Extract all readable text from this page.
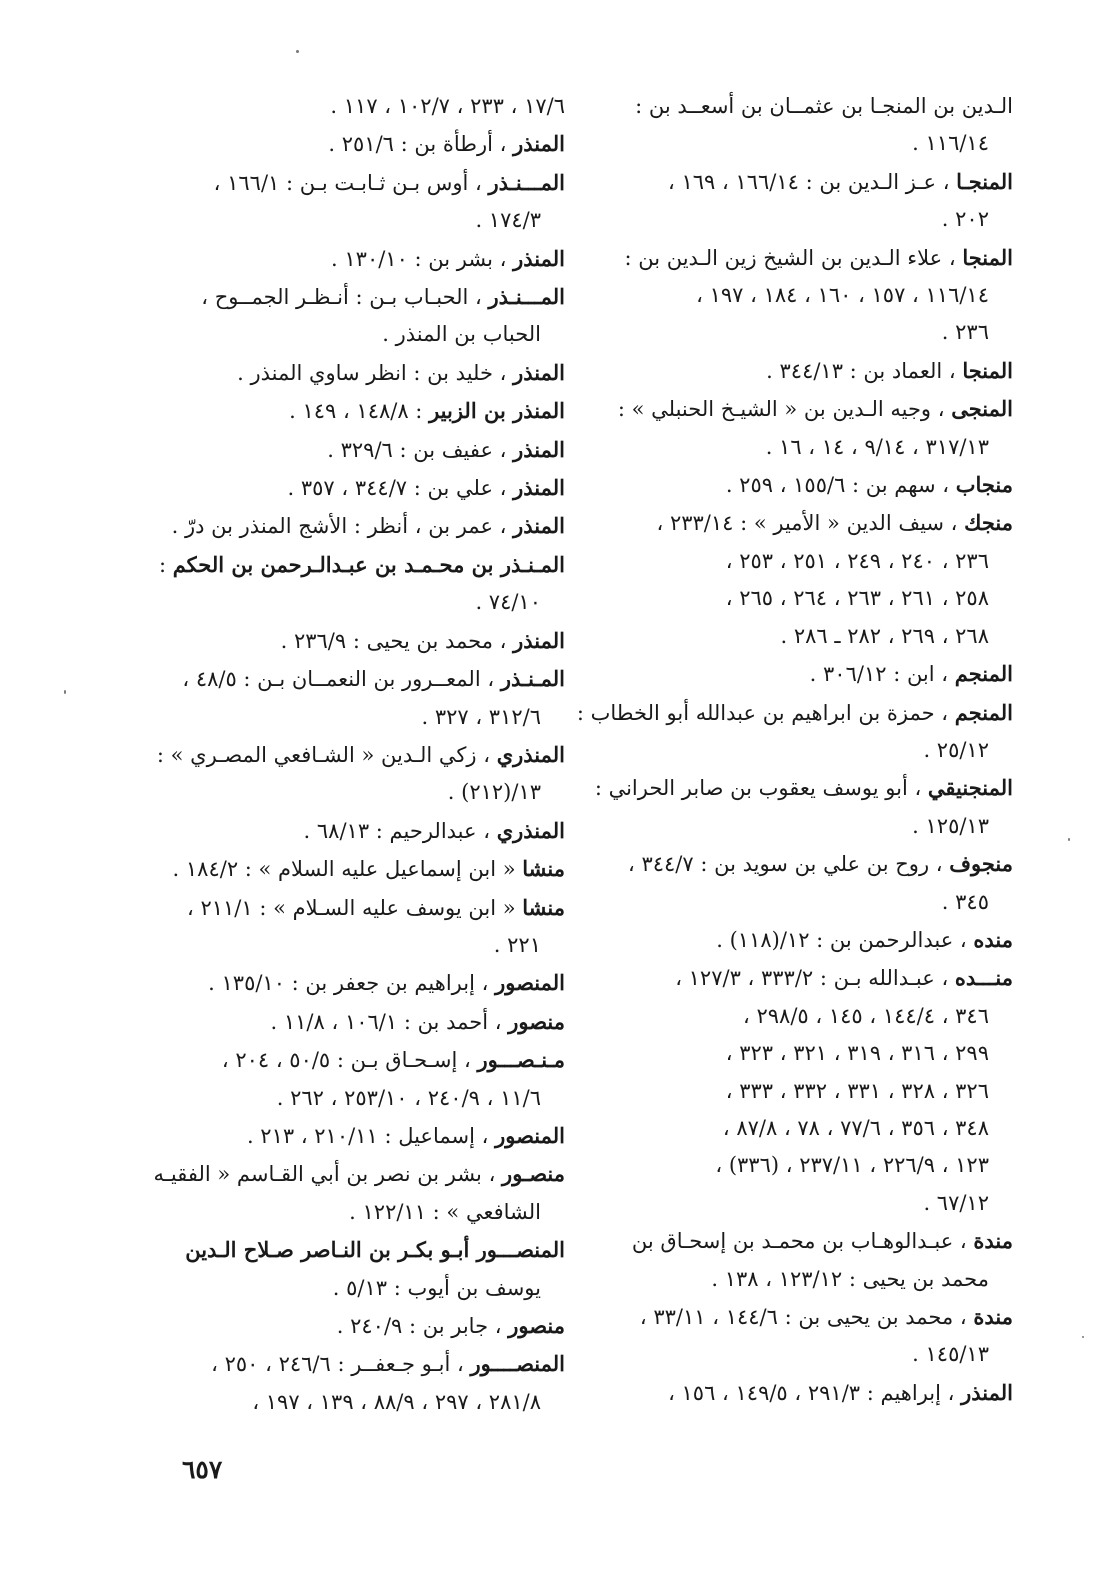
الـدين بن المنجـا بن عثمــان بن أسعــد بن :
١١٦/١٤ .

المنجـا ، عـز الـدين بن : ١٦٦/١٤ ، ١٦٩ ،
٢٠٢ .

المنجا ، علاء الـدين بن الشيخ زين الـدين بن :
١١٦/١٤ ، ١٥٧ ، ١٦٠ ، ١٨٤ ، ١٩٧ ،
٢٣٦ .

المنجا ، العماد بن : ٣٤٤/١٣ .

المنجى ، وجيه الـدين بن « الشيـخ الحنبلي » :
٣١٧/١٣ ، ٩/١٤ ، ١٤ ، ١٦ .

منجاب ، سهم بن : ١٥٥/٦ ، ٢٥٩ .

منجك ، سيف الدين « الأمير » : ٢٣٣/١٤ ،
٢٣٦ ، ٢٤٠ ، ٢٤٩ ، ٢٥١ ، ٢٥٣ ،
٢٥٨ ، ٢٦١ ، ٢٦٣ ، ٢٦٤ ، ٢٦٥ ،
٢٦٨ ، ٢٦٩ ، ٢٨٢ ـ ٢٨٦ .

المنجم ، ابن : ٣٠٦/١٢ .

المنجم ، حمزة بن ابراهيم بن عبدالله أبو الخطاب :
٢٥/١٢ .

المنجنيقي ، أبو يوسف يعقوب بن صابر الحراني :
١٢٥/١٣ .

منجوف ، روح بن علي بن سويد بن : ٣٤٤/٧ ،
٣٤٥ .

منده ، عبدالرحمن بن : ١٢/(١١٨) .

منـــده ، عبـدالله بـن : ٣٣٣/٢ ، ١٢٧/٣ ،
٣٤٦ ، ١٤٤/٤ ، ١٤٥ ، ٢٩٨/٥ ،
٢٩٩ ، ٣١٦ ، ٣١٩ ، ٣٢١ ، ٣٢٣ ،
٣٢٦ ، ٣٢٨ ، ٣٣١ ، ٣٣٢ ، ٣٣٣ ،
٣٤٨ ، ٣٥٦ ، ٧٧/٦ ، ٧٨ ، ٨٧/٨ ،
١٢٣ ، ٢٢٦/٩ ، ٢٣٧/١١ ، (٣٣٦) ،
٦٧/١٢ .

مندة ، عبـدالوهـاب بن محمـد بن إسحـاق بن
محمد بن يحيى : ١٢٣/١٢ ، ١٣٨ .

مندة ، محمد بن يحيى بن : ١٤٤/٦ ، ٣٣/١١ ،
١٤٥/١٣ .

المنذر ، إبراهيم : ٢٩١/٣ ، ١٤٩/٥ ، ١٥٦ ،

١٧/٦ ، ٢٣٣ ، ١٠٢/٧ ، ١١٧ .

المنذر ، أرطأة بن : ٢٥١/٦ .

المـــنـذر ، أوس بـن ثـابـت بـن : ١٦٦/١ ،
١٧٤/٣ .

المنذر ، بشر بن : ١٣٠/١٠ .

المـــنـذر ، الحبـاب بـن : أنـظـر الجمــوح ،
الحباب بن المنذر .

المنذر ، خليد بن : انظر ساوي المنذر .

المنذر بن الزبير : ١٤٨/٨ ، ١٤٩ .

المنذر ، عفيف بن : ٣٢٩/٦ .

المنذر ، علي بن : ٣٤٤/٧ ، ٣٥٧ .

المنذر ، عمر بن ، أنظر : الأشج المنذر بن درّ .

المـنـذر بن محـمـد بن عبـدالـرحمن بن الحكم :
٧٤/١٠ .

المنذر ، محمد بن يحيى : ٢٣٦/٩ .

المـنـذر ، المعــرور بن النعمــان بـن : ٤٨/٥ ،
٣١٢/٦ ، ٣٢٧ .

المنذري ، زكي الـدين « الشـافعي المصـري » :
١٣/(٢١٢) .

المنذري ، عبدالرحيم : ٦٨/١٣ .

منشا « ابن إسماعيل عليه السلام » : ١٨٤/٢ .

منشا « ابن يوسف عليه السـلام » : ٢١١/١ ،
٢٢١ .

المنصور ، إبراهيم بن جعفر بن : ١٣٥/١٠ .

منصور ، أحمد بن : ١٠٦/١ ، ١١/٨ .

مـنـصـــور ، إسـحـاق بـن : ٥٠/٥ ، ٢٠٤ ،
١١/٦ ، ٢٤٠/٩ ، ٢٥٣/١٠ ، ٢٦٢ .

المنصور ، إسماعيل : ٢١٠/١١ ، ٢١٣ .

منصـور ، بشر بن نصر بن أبي القـاسم « الفقيـه
الشافعي » : ١٢٢/١١ .

المنصـــور أبـو بكـر بن النـاصر صـلاح الـدين
يوسف بن أيوب : ٥/١٣ .

منصور ، جابر بن : ٢٤٠/٩ .

المنصــــور ، أبـو جـعفــر : ٢٤٦/٦ ، ٢٥٠ ،
٢٨١/٨ ، ٢٩٧ ، ٨٨/٩ ، ١٣٩ ، ١٩٧ ،

٦٥٧
